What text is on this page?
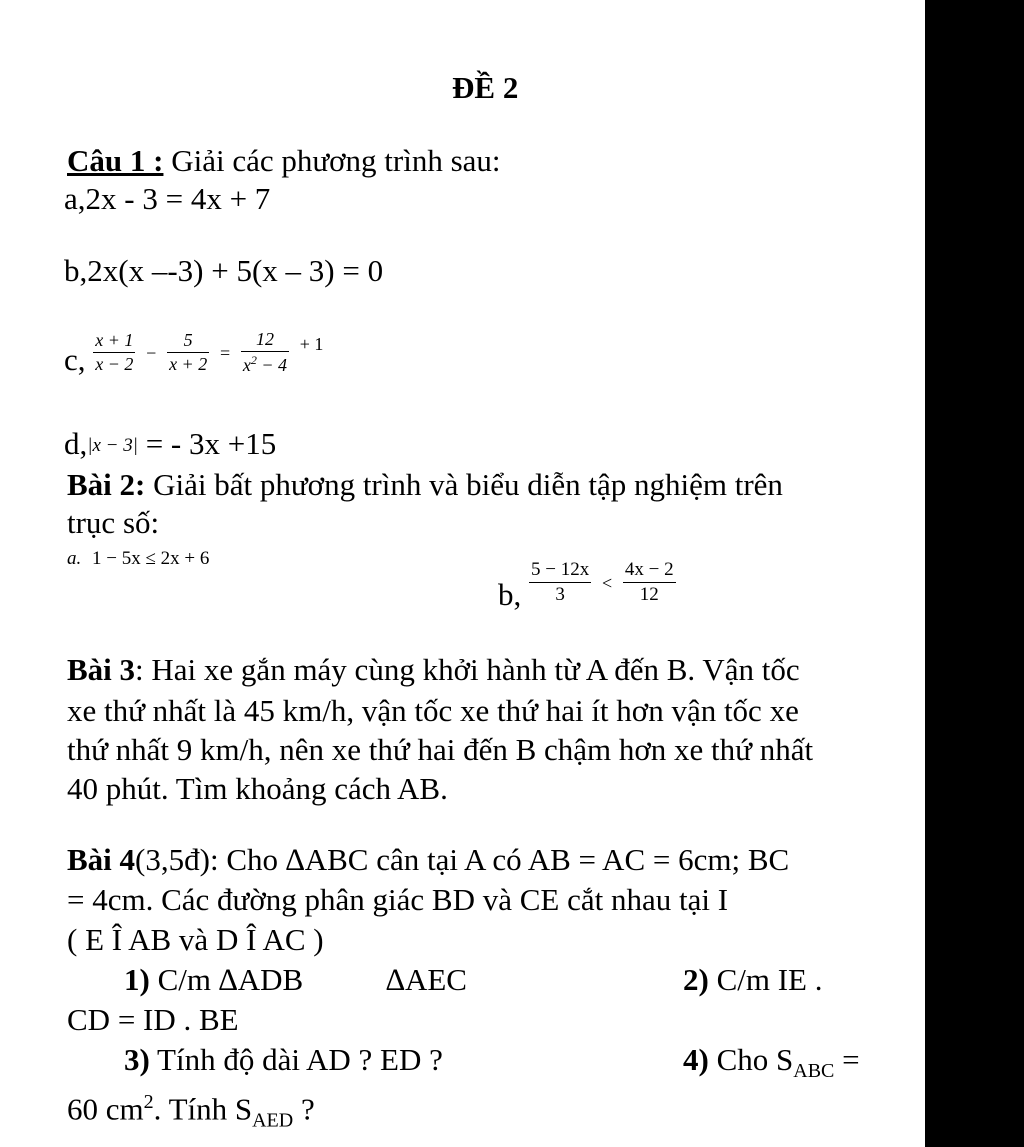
ĐỀ 2
Câu 1 : Giải các phương trình sau:
a,2x - 3 = 4x + 7
b,2x(x –-3) + 5(x – 3) = 0
c, $\frac{x + 1}{x - 2} - \frac{5}{x + 2} = \frac{12}{x^2 - 4} ^{+ 1}$
d,$^{|x - 3|}$ = - 3x +15
Bài 2: Giải bất phương trình và biểu diễn tập nghiệm trên
trục số:
a. 1 − 5x ≤ 2x + 6
b, $\frac{5 - 12x}{3} < \frac{4x - 2}{12}$
Bài 3: Hai xe gắn máy cùng khởi hành từ A đến B. Vận tốc
xe thứ nhất là 45 km/h, vận tốc xe thứ hai ít hơn vận tốc xe
thứ nhất 9 km/h, nên xe thứ hai đến B chậm hơn xe thứ nhất
40 phút. Tìm khoảng cách AB.
Bài 4(3,5đ): Cho ∆ABC cân tại A có AB = AC = 6cm; BC
= 4cm. Các đường phân giác BD và CE cắt nhau tại I
( E Î AB và D Î AC )
1) C/m ∆ADB	∆AEC	2) C/m IE .
CD = ID . BE
3) Tính độ dài AD ? ED ?	4) Cho $S_{ABC}$ =
60 $cm^2$. Tính $S_{AED}$ ?
